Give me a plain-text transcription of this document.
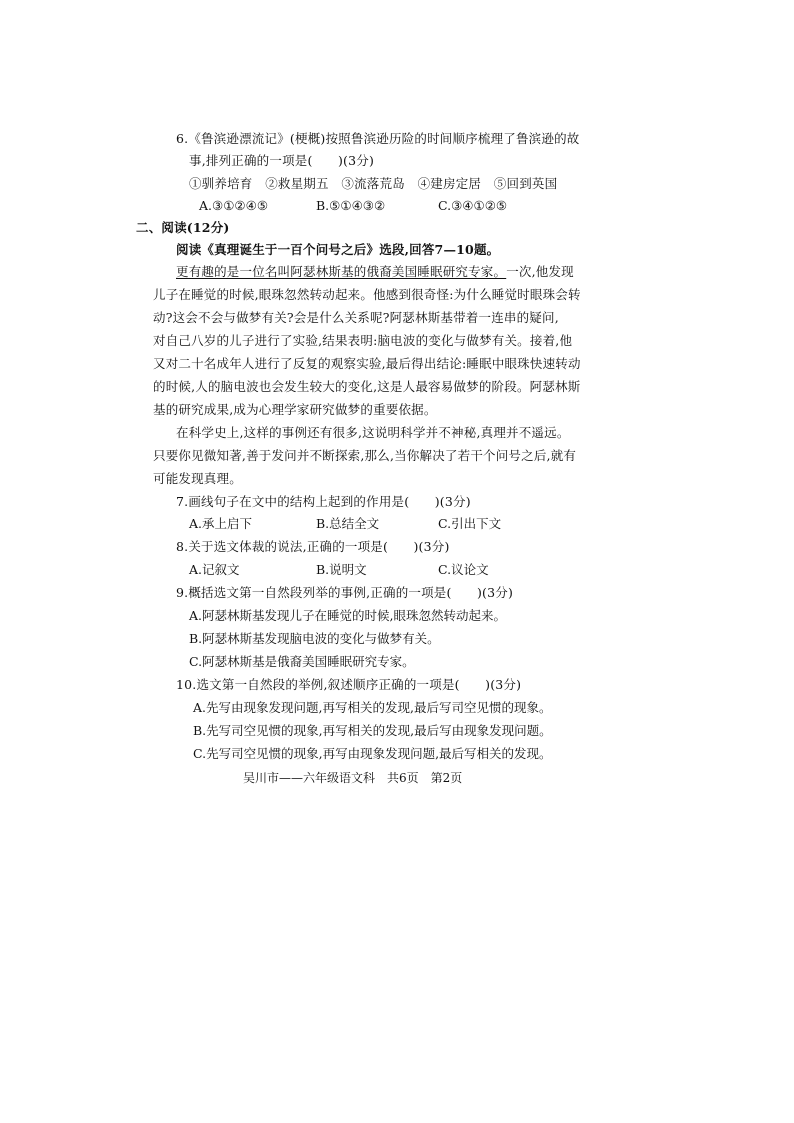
6.《鲁滨逊漂流记》(梗概)按照鲁滨逊历险的时间顺序梳理了鲁滨逊的故
事,排列正确的一项是(　　)(3分)
①驯养培育　②救星期五　③流落荒岛　④建房定居　⑤回到英国
A.③①②④⑤	B.⑤①④③②	C.③④①②⑤
二、阅读(12分)
阅读《真理诞生于一百个问号之后》选段,回答7—10题。
更有趣的是一位名叫阿瑟林斯基的俄裔美国睡眠研究专家。一次,他发现
儿子在睡觉的时候,眼珠忽然转动起来。他感到很奇怪:为什么睡觉时眼珠会转
动?这会不会与做梦有关?会是什么关系呢?阿瑟林斯基带着一连串的疑问,
对自己八岁的儿子进行了实验,结果表明:脑电波的变化与做梦有关。接着,他
又对二十名成年人进行了反复的观察实验,最后得出结论:睡眠中眼珠快速转动
的时候,人的脑电波也会发生较大的变化,这是人最容易做梦的阶段。阿瑟林斯
基的研究成果,成为心理学家研究做梦的重要依据。
在科学史上,这样的事例还有很多,这说明科学并不神秘,真理并不遥远。
只要你见微知著,善于发问并不断探索,那么,当你解决了若干个问号之后,就有
可能发现真理。
7.画线句子在文中的结构上起到的作用是(　　)(3分)
A.承上启下	B.总结全文	C.引出下文
8.关于选文体裁的说法,正确的一项是(　　)(3分)
A.记叙文	B.说明文	C.议论文
9.概括选文第一自然段列举的事例,正确的一项是(　　)(3分)
A.阿瑟林斯基发现儿子在睡觉的时候,眼珠忽然转动起来。
B.阿瑟林斯基发现脑电波的变化与做梦有关。
C.阿瑟林斯基是俄裔美国睡眠研究专家。
10.选文第一自然段的举例,叙述顺序正确的一项是(　　)(3分)
A.先写由现象发现问题,再写相关的发现,最后写司空见惯的现象。
B.先写司空见惯的现象,再写相关的发现,最后写由现象发现问题。
C.先写司空见惯的现象,再写由现象发现问题,最后写相关的发现。
吴川市——六年级语文科　共6页　第2页
